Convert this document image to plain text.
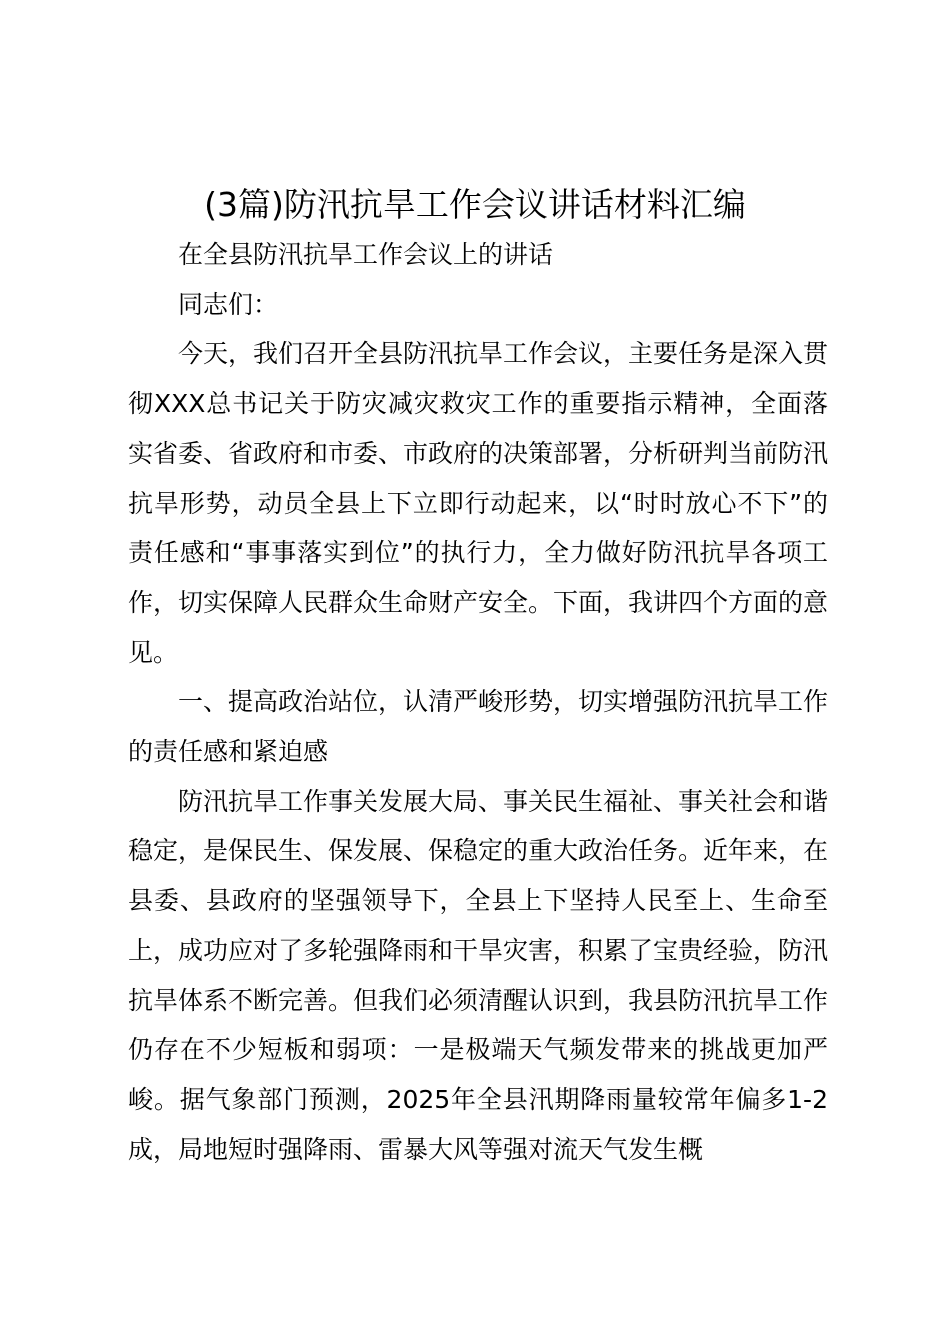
(3篇)防汛抗旱工作会议讲话材料汇编

在全县防汛抗旱工作会议上的讲话

同志们：

今天，我们召开全县防汛抗旱工作会议，主要任务是深入贯彻XXX总书记关于防灾减灾救灾工作的重要指示精神，全面落实省委、省政府和市委、市政府的决策部署，分析研判当前防汛抗旱形势，动员全县上下立即行动起来，以“时时放心不下”的责任感和“事事落实到位”的执行力，全力做好防汛抗旱各项工作，切实保障人民群众生命财产安全。下面，我讲四个方面的意见。

一、提高政治站位，认清严峻形势，切实增强防汛抗旱工作的责任感和紧迫感

防汛抗旱工作事关发展大局、事关民生福祉、事关社会和谐稳定，是保民生、保发展、保稳定的重大政治任务。近年来，在县委、县政府的坚强领导下，全县上下坚持人民至上、生命至上，成功应对了多轮强降雨和干旱灾害，积累了宝贵经验，防汛抗旱体系不断完善。但我们必须清醒认识到，我县防汛抗旱工作仍存在不少短板和弱项：一是极端天气频发带来的挑战更加严峻。据气象部门预测，2025年全县汛期降雨量较常年偏多1-2成，局地短时强降雨、雷暴大风等强对流天气发生概
